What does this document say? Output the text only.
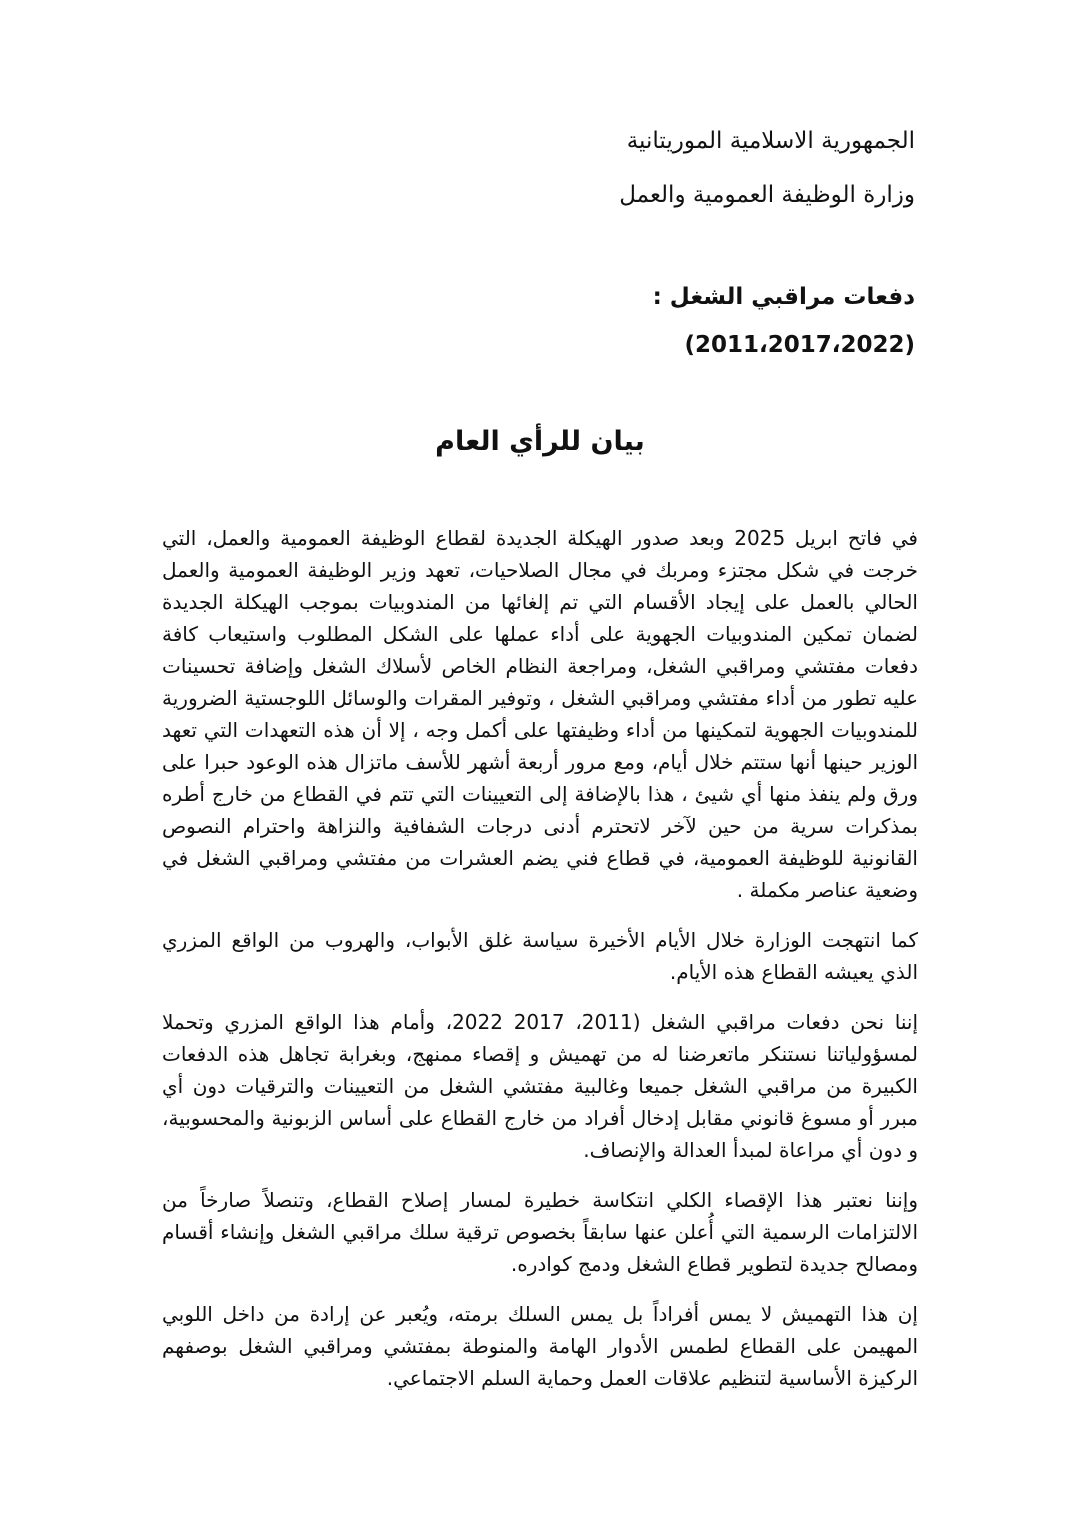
الجمهورية الاسلامية الموريتانية
وزارة الوظيفة العمومية والعمل
دفعات مراقبي الشغل :
(2011،2017،2022)
بيان للرأي العام

في فاتح ابريل 2025 وبعد صدور الهيكلة الجديدة لقطاع الوظيفة العمومية والعمل، التي خرجت في شكل مجتزء ومربك في مجال الصلاحيات، تعهد وزير الوظيفة العمومية والعمل الحالي بالعمل على إيجاد الأقسام التي تم إلغائها من المندوبيات بموجب الهيكلة الجديدة لضمان تمكين المندوبيات الجهوية على أداء عملها على الشكل المطلوب واستيعاب كافة دفعات مفتشي ومراقبي الشغل، ومراجعة النظام الخاص لأسلاك الشغل وإضافة تحسينات عليه تطور من أداء مفتشي ومراقبي الشغل ، وتوفير المقرات والوسائل اللوجستية الضرورية للمندوبيات الجهوية لتمكينها من أداء وظيفتها على أكمل وجه ، إلا أن هذه التعهدات التي تعهد الوزير حينها أنها ستتم خلال أيام، ومع مرور أربعة أشهر للأسف ماتزال هذه الوعود حبرا على ورق ولم ينفذ منها أي شيئ ، هذا بالإضافة إلى التعيينات التي تتم في القطاع من خارج أطره بمذكرات سرية من حين لآخر لاتحترم أدنى درجات الشفافية والنزاهة واحترام النصوص القانونية للوظيفة العمومية، في قطاع فني يضم العشرات من مفتشي ومراقبي الشغل في وضعية عناصر مكملة .

كما انتهجت الوزارة خلال الأيام الأخيرة سياسة غلق الأبواب، والهروب من الواقع المزري الذي يعيشه القطاع هذه الأيام.

إننا نحن دفعات مراقبي الشغل (2011، 2017 2022، وأمام هذا الواقع المزري وتحملا لمسؤولياتنا نستنكر ماتعرضنا له من تهميش و إقصاء ممنهج، وبغرابة تجاهل هذه الدفعات الكبيرة من مراقبي الشغل جميعا وغالبية مفتشي الشغل من التعيينات والترقيات دون أي مبرر أو مسوغ قانوني مقابل إدخال أفراد من خارج القطاع على أساس الزبونية والمحسوبية، و دون أي مراعاة لمبدأ العدالة والإنصاف.

وإننا نعتبر هذا الإقصاء الكلي انتكاسة خطيرة لمسار إصلاح القطاع، وتنصلاً صارخاً من الالتزامات الرسمية التي أُعلن عنها سابقاً بخصوص ترقية سلك مراقبي الشغل وإنشاء أقسام ومصالح جديدة لتطوير قطاع الشغل ودمج كوادره.

إن هذا التهميش لا يمس أفراداً بل يمس السلك برمته، ويُعبر عن إرادة من داخل اللوبي المهيمن على القطاع لطمس الأدوار الهامة والمنوطة بمفتشي ومراقبي الشغل بوصفهم الركيزة الأساسية لتنظيم علاقات العمل وحماية السلم الاجتماعي.
